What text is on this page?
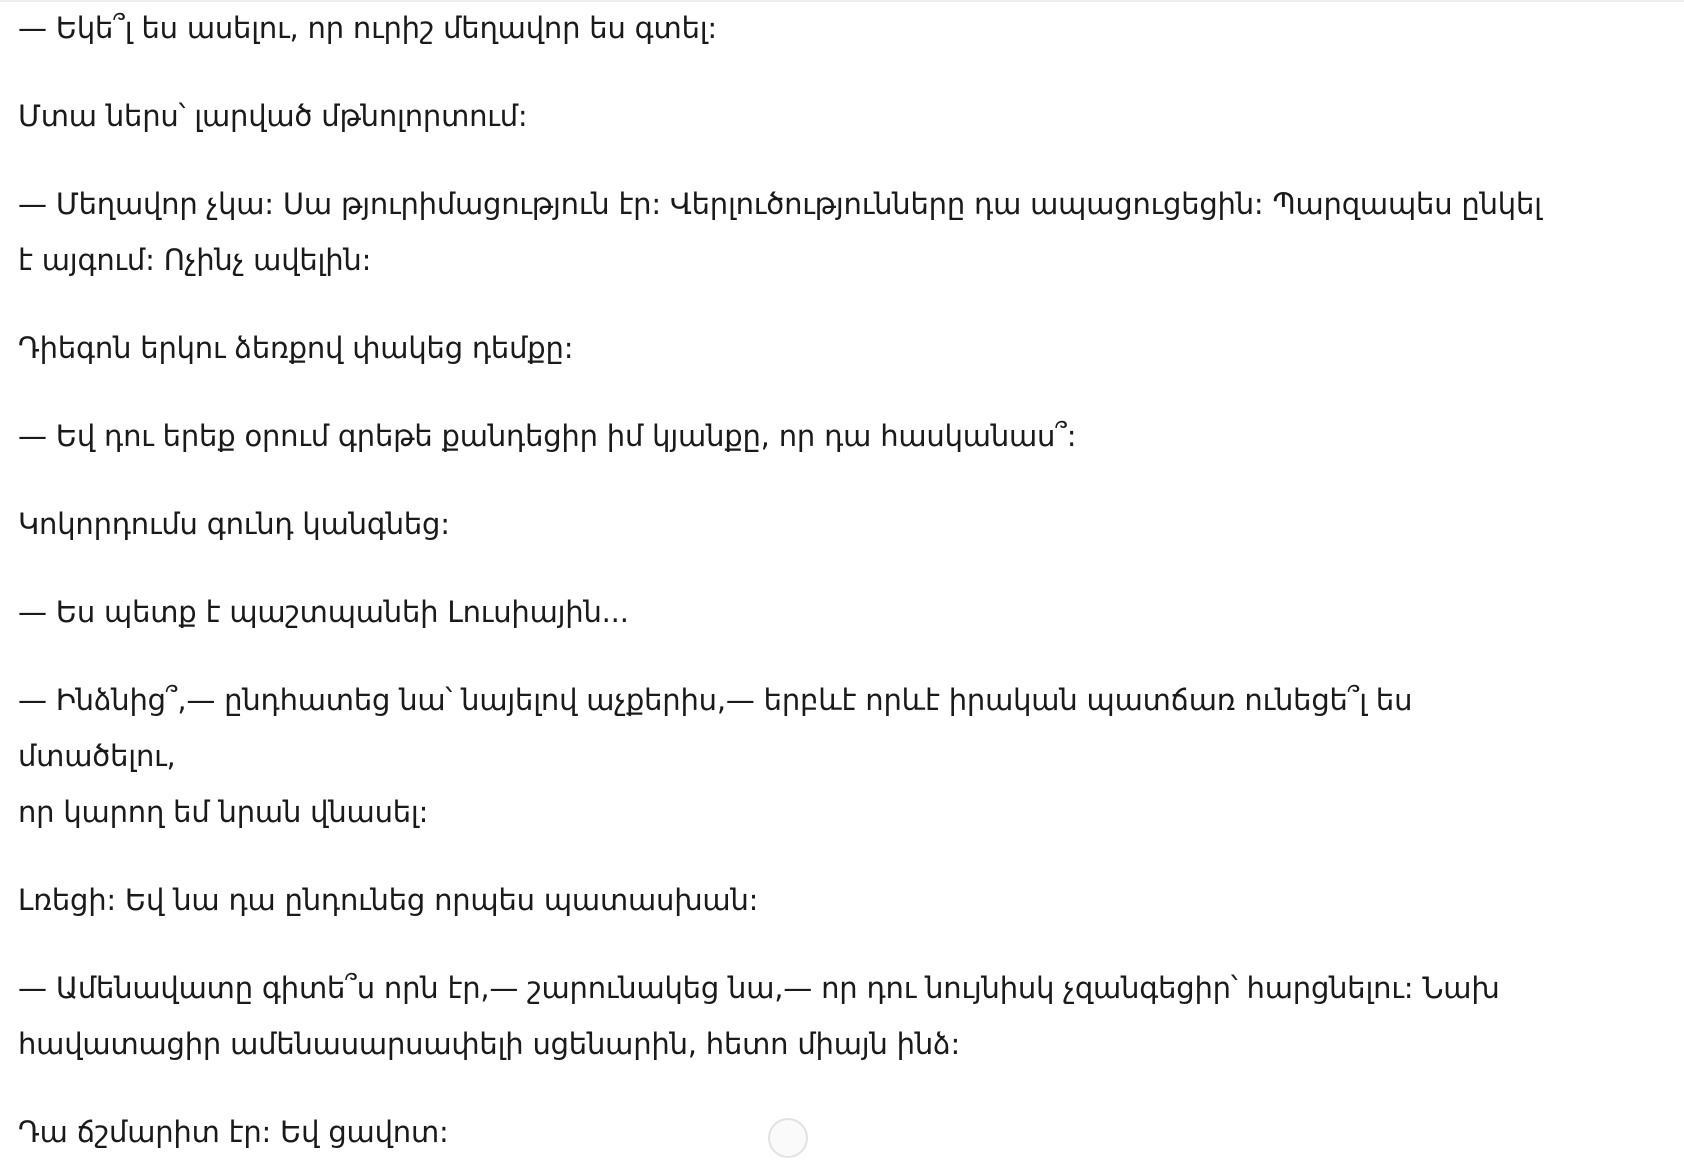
— Եկե՞լ ես ասելու, որ ուրիշ մեղավոր ես գտել:

Մտա ներս՝ լարված մթնոլորտում:

— Մեղավոր չկա: Սա թյուրիմացություն էր: Վերլուծությունները դա ապացուցեցին: Պարզապես ընկել
է այգում: Ոչինչ ավելին:

Դիեգոն երկու ձեռքով փակեց դեմքը:

— Եվ դու երեք օրում գրեթե քանդեցիր իմ կյանքը, որ դա հասկանաս՞:

Կոկորդումս գունդ կանգնեց:

— Ես պետք է պաշտպանեի Լուսիային...

— Ինձնից՞,— ընդհատեց նա՝ նայելով աչքերիս,— երբևէ որևէ իրական պատճառ ունեցե՞լ ես մտածելու,
որ կարող եմ նրան վնասել:

Լռեցի: Եվ նա դա ընդունեց որպես պատասխան:

— Ամենավատը գիտե՞ս որն էր,— շարունակեց նա,— որ դու նույնիսկ չզանգեցիր՝ հարցնելու: Նախ
հավատացիր ամենասարսափելի սցենարին, հետո միայն ինձ:

Դա ճշմարիտ էր: Եվ ցավոտ:
